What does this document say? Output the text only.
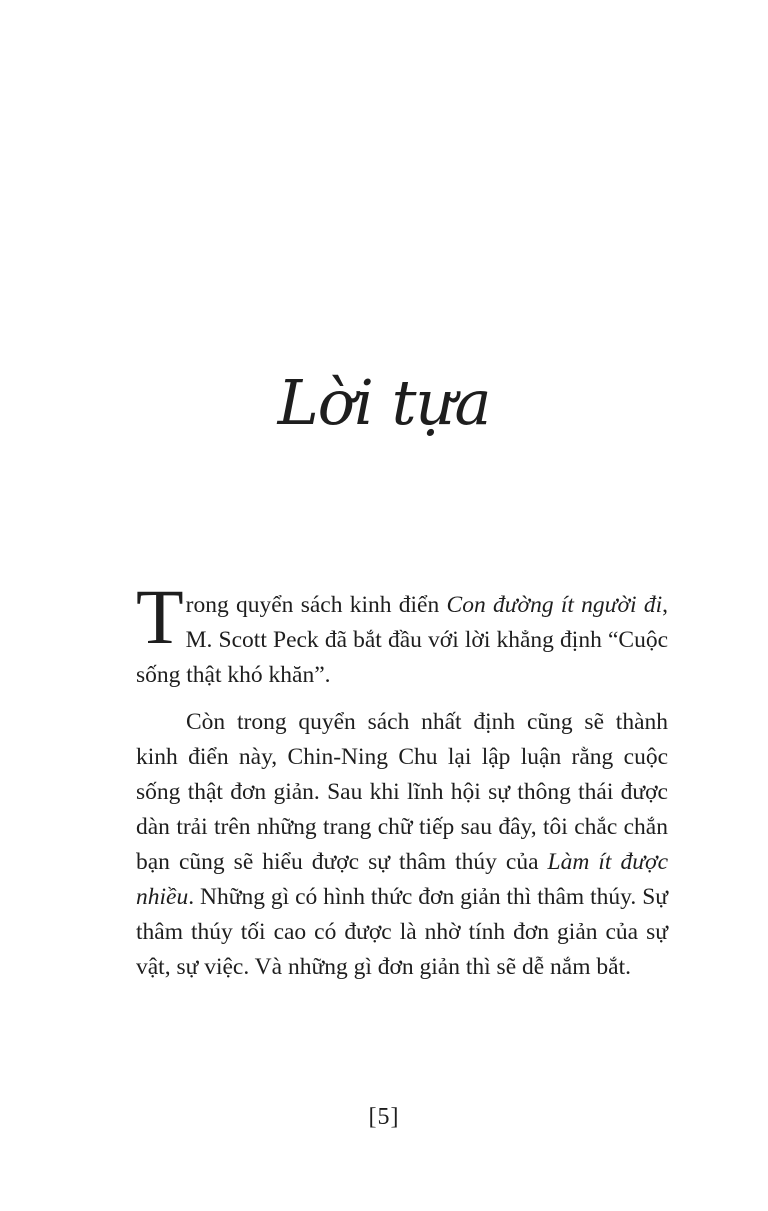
Lời tựa

Trong quyển sách kinh điển Con đường ít người đi, M. Scott Peck đã bắt đầu với lời khẳng định “Cuộc sống thật khó khăn”.

Còn trong quyển sách nhất định cũng sẽ thành kinh điển này, Chin-Ning Chu lại lập luận rằng cuộc sống thật đơn giản. Sau khi lĩnh hội sự thông thái được dàn trải trên những trang chữ tiếp sau đây, tôi chắc chắn bạn cũng sẽ hiểu được sự thâm thúy của Làm ít được nhiều. Những gì có hình thức đơn giản thì thâm thúy. Sự thâm thúy tối cao có được là nhờ tính đơn giản của sự vật, sự việc. Và những gì đơn giản thì sẽ dễ nắm bắt.

[5]
